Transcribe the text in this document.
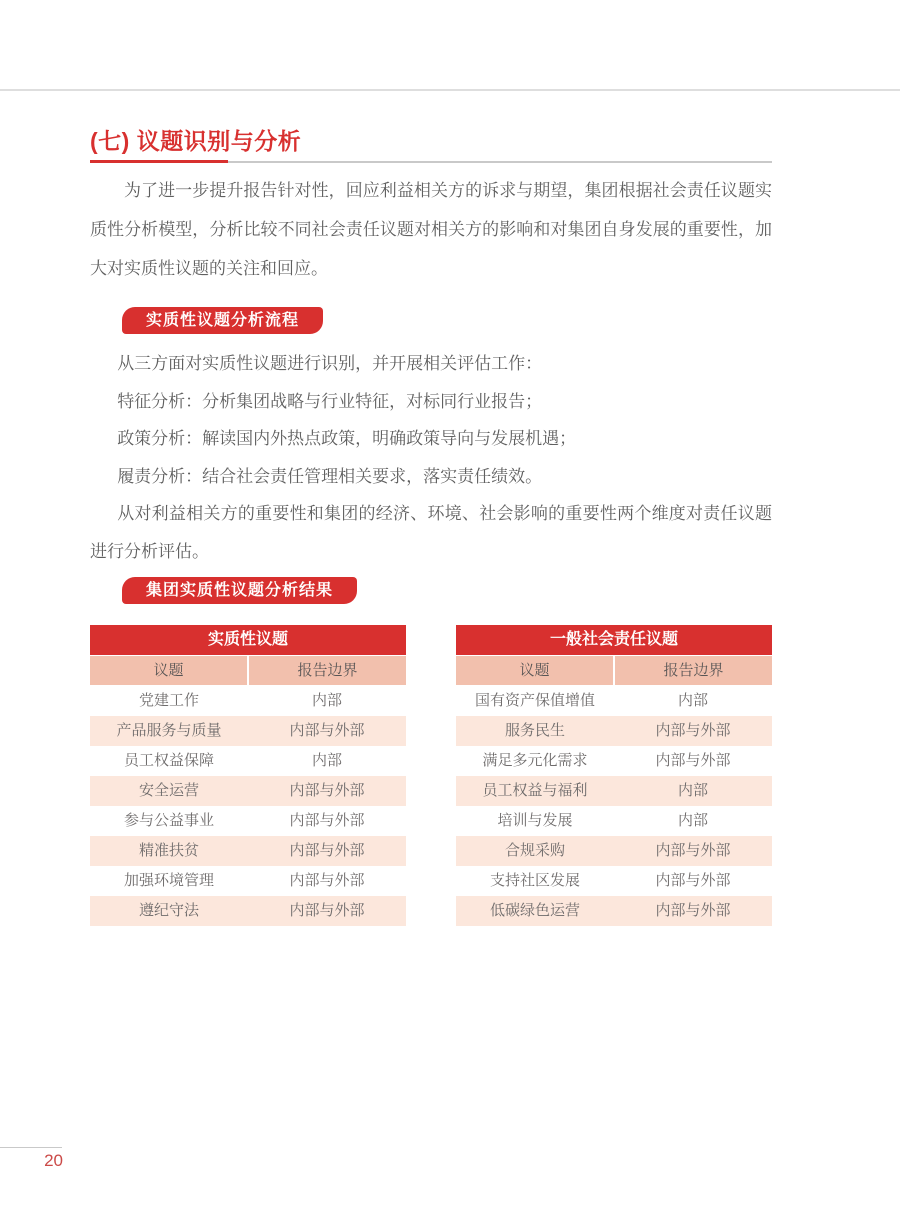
(七) 议题识别与分析

为了进一步提升报告针对性，回应利益相关方的诉求与期望，集团根据社会责任议题实质性分析模型，分析比较不同社会责任议题对相关方的影响和对集团自身发展的重要性，加大对实质性议题的关注和回应。

实质性议题分析流程

从三方面对实质性议题进行识别，并开展相关评估工作：

特征分析：分析集团战略与行业特征，对标同行业报告；

政策分析：解读国内外热点政策，明确政策导向与发展机遇；

履责分析：结合社会责任管理相关要求，落实责任绩效。

从对利益相关方的重要性和集团的经济、环境、社会影响的重要性两个维度对责任议题进行分析评估。

集团实质性议题分析结果
实质性议题
议题	报告边界
党建工作	内部
产品服务与质量	内部与外部
员工权益保障	内部
安全运营	内部与外部
参与公益事业	内部与外部
精准扶贫	内部与外部
加强环境管理	内部与外部
遵纪守法	内部与外部
一般社会责任议题
议题	报告边界
国有资产保值增值	内部
服务民生	内部与外部
满足多元化需求	内部与外部
员工权益与福利	内部
培训与发展	内部
合规采购	内部与外部
支持社区发展	内部与外部
低碳绿色运营	内部与外部
20
